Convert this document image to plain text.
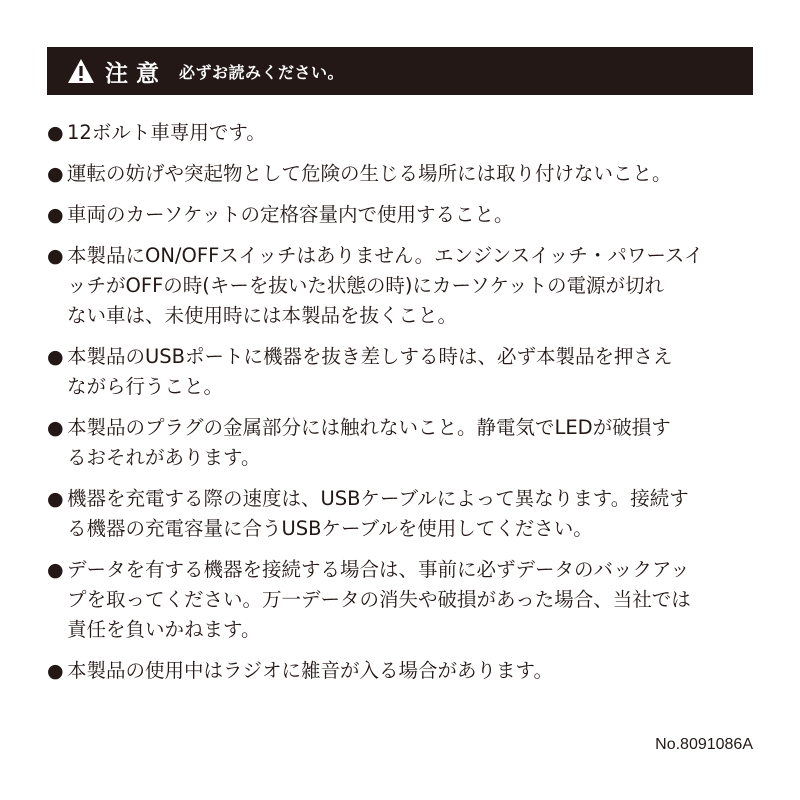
注意 必ずお読みください。
● 12ボルト車専用です。
● 運転の妨げや突起物として危険の生じる場所には取り付けないこと。
● 車両のカーソケットの定格容量内で使用すること。
● 本製品にON/OFFスイッチはありません。エンジンスイッチ・パワースイ
ッチがOFFの時(キーを抜いた状態の時)にカーソケットの電源が切れ
ない車は、未使用時には本製品を抜くこと。
● 本製品のUSBポートに機器を抜き差しする時は、必ず本製品を押さえ
ながら行うこと。
● 本製品のプラグの金属部分には触れないこと。静電気でLEDが破損す
るおそれがあります。
● 機器を充電する際の速度は、USBケーブルによって異なります。接続す
る機器の充電容量に合うUSBケーブルを使用してください。
● データを有する機器を接続する場合は、事前に必ずデータのバックアッ
プを取ってください。万一データの消失や破損があった場合、当社では
責任を負いかねます。
● 本製品の使用中はラジオに雑音が入る場合があります。
No.8091086A
